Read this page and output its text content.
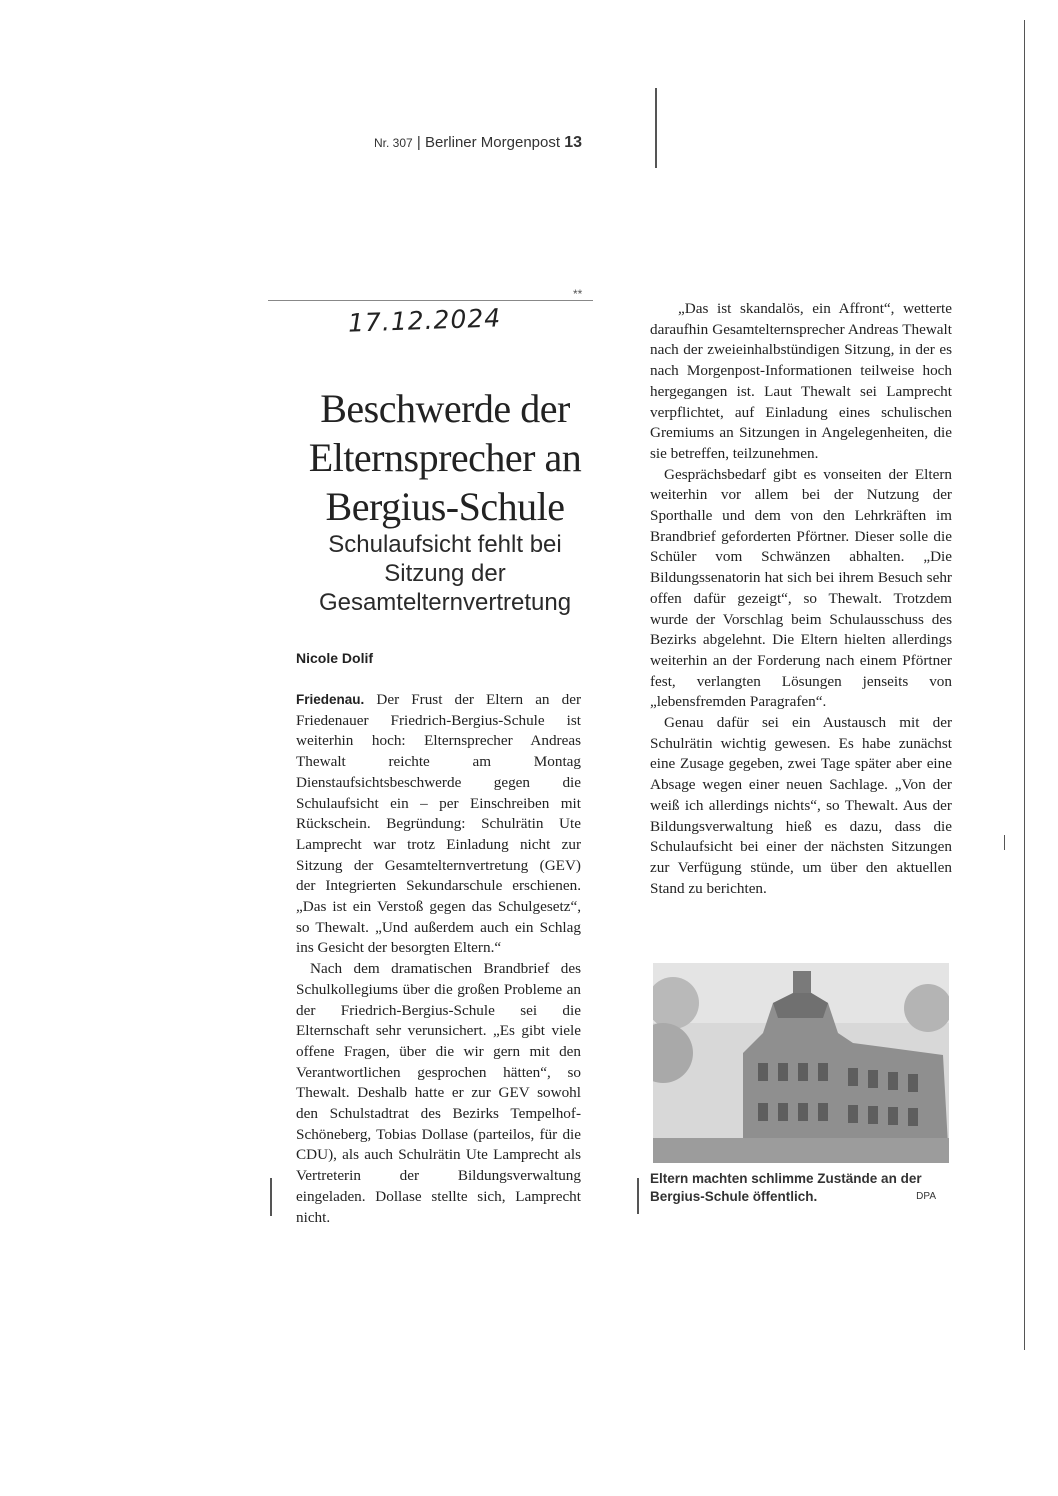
Nr. 307 | Berliner Morgenpost 13
**
17.12.2024
Beschwerde der Elternsprecher an Bergius-Schule
Schulaufsicht fehlt bei Sitzung der Gesamtelternvertretung
Nicole Dolif

Friedenau. Der Frust der Eltern an der Friedenauer Friedrich-Bergius-Schule ist weiterhin hoch: Elternsprecher Andreas Thewalt reichte am Montag Dienstaufsichtsbeschwerde gegen die Schulaufsicht ein – per Einschreiben mit Rückschein. Begründung: Schulrätin Ute Lamprecht war trotz Einladung nicht zur Sitzung der Gesamtelternvertretung (GEV) der Integrierten Sekundarschule erschienen. „Das ist ein Verstoß gegen das Schulgesetz“, so Thewalt. „Und außerdem auch ein Schlag ins Gesicht der besorgten Eltern.“

Nach dem dramatischen Brandbrief des Schulkollegiums über die großen Probleme an der Friedrich-Bergius-Schule sei die Elternschaft sehr verunsichert. „Es gibt viele offene Fragen, über die wir gern mit den Verantwortlichen gesprochen hätten“, so Thewalt. Deshalb hatte er zur GEV sowohl den Schulstadtrat des Bezirks Tempelhof-Schöneberg, Tobias Dollase (parteilos, für die CDU), als auch Schulrätin Ute Lamprecht als Vertreterin der Bildungsverwaltung eingeladen. Dollase stellte sich, Lamprecht nicht.

„Das ist skandalös, ein Affront“, wetterte daraufhin Gesamtelternsprecher Andreas Thewalt nach der zweieinhalbstündigen Sitzung, in der es nach Morgenpost-Informationen teilweise hoch hergegangen ist. Laut Thewalt sei Lamprecht verpflichtet, auf Einladung eines schulischen Gremiums an Sitzungen in Angelegenheiten, die sie betreffen, teilzunehmen.

Gesprächsbedarf gibt es vonseiten der Eltern weiterhin vor allem bei der Nutzung der Sporthalle und dem von den Lehrkräften im Brandbrief geforderten Pförtner. Dieser solle die Schüler vom Schwänzen abhalten. „Die Bildungssenatorin hat sich bei ihrem Besuch sehr offen dafür gezeigt“, so Thewalt. Trotzdem wurde der Vorschlag beim Schulausschuss des Bezirks abgelehnt. Die Eltern hielten allerdings weiterhin an der Forderung nach einem Pförtner fest, verlangten Lösungen jenseits von „lebensfremden Paragrafen“.

Genau dafür sei ein Austausch mit der Schulrätin wichtig gewesen. Es habe zunächst eine Zusage gegeben, zwei Tage später aber eine Absage wegen einer neuen Sachlage. „Von der weiß ich allerdings nichts“, so Thewalt. Aus der Bildungsverwaltung hieß es dazu, dass die Schulaufsicht bei einer der nächsten Sitzungen zur Verfügung stünde, um über den aktuellen Stand zu berichten.

Eltern machten schlimme Zustände an der Bergius-Schule öffentlich.	DPA
